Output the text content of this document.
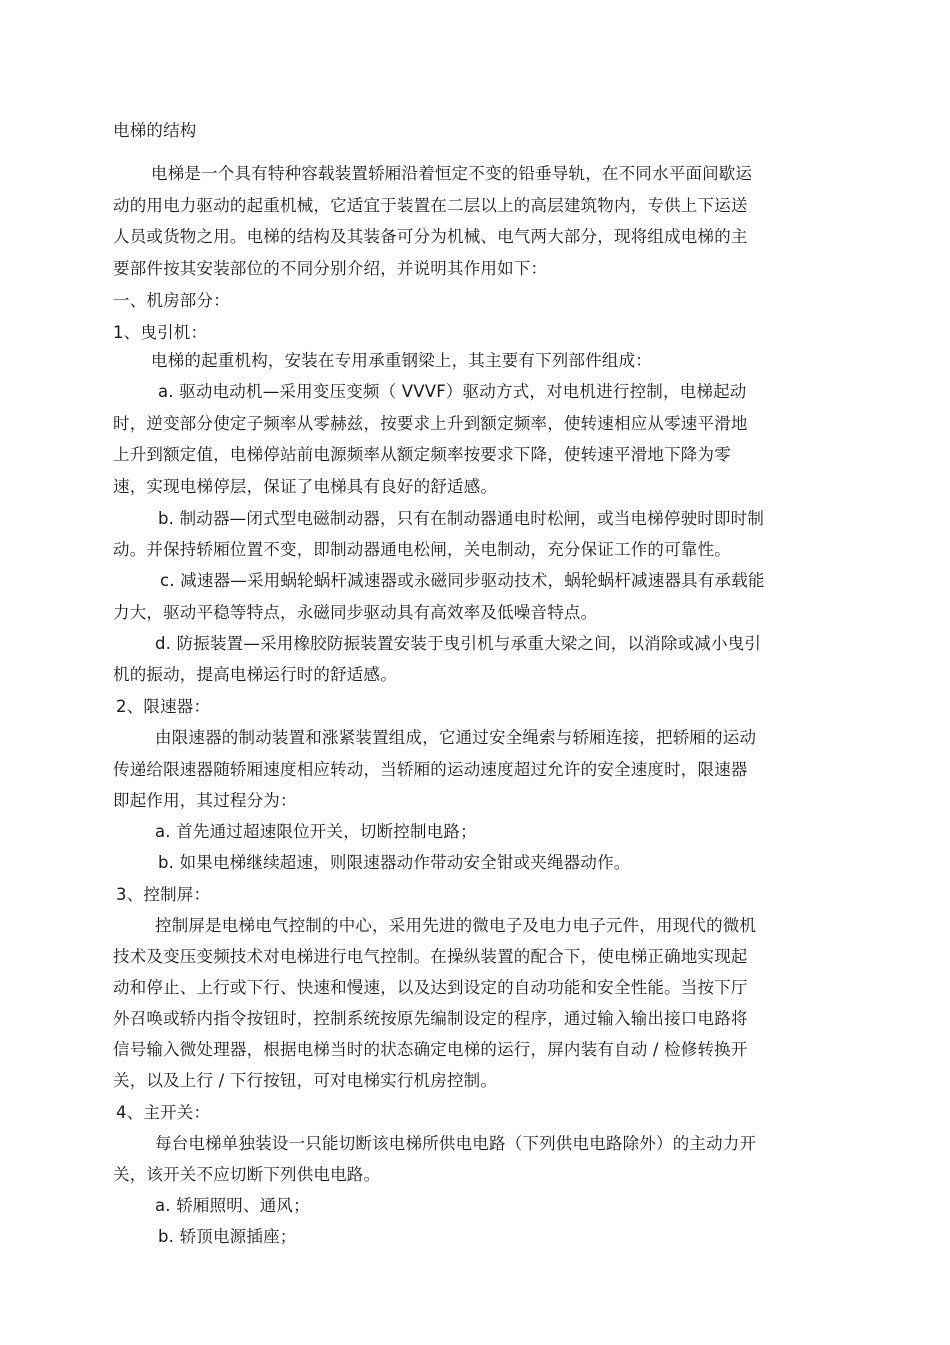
电梯的结构
电梯是一个具有特种容载装置轿厢沿着恒定不变的铅垂导轨，在不同水平面间歇运
动的用电力驱动的起重机械，它适宜于装置在二层以上的高层建筑物内，专供上下运送
人员或货物之用。电梯的结构及其装备可分为机械、电气两大部分，现将组成电梯的主
要部件按其安装部位的不同分别介绍，并说明其作用如下：
一、机房部分：
1、曳引机：
电梯的起重机构，安装在专用承重钢梁上，其主要有下列部件组成：
a. 驱动电动机—采用变压变频（ VVVF）驱动方式，对电机进行控制，电梯起动
时，逆变部分使定子频率从零赫兹，按要求上升到额定频率，使转速相应从零速平滑地
上升到额定值，电梯停站前电源频率从额定频率按要求下降，使转速平滑地下降为零
速，实现电梯停层，保证了电梯具有良好的舒适感。
b. 制动器—闭式型电磁制动器，只有在制动器通电时松闸，或当电梯停驶时即时制
动。并保持轿厢位置不变，即制动器通电松闸，关电制动，充分保证工作的可靠性。
c. 减速器—采用蜗轮蜗杆减速器或永磁同步驱动技术，蜗轮蜗杆减速器具有承载能
力大，驱动平稳等特点，永磁同步驱动具有高效率及低噪音特点。
d. 防振装置—采用橡胶防振装置安装于曳引机与承重大梁之间，以消除或减小曳引
机的振动，提高电梯运行时的舒适感。
2、限速器：
由限速器的制动装置和涨紧装置组成，它通过安全绳索与轿厢连接，把轿厢的运动
传递给限速器随轿厢速度相应转动，当轿厢的运动速度超过允许的安全速度时，限速器
即起作用，其过程分为：
a. 首先通过超速限位开关，切断控制电路；
b. 如果电梯继续超速，则限速器动作带动安全钳或夹绳器动作。
3、控制屏：
控制屏是电梯电气控制的中心，采用先进的微电子及电力电子元件，用现代的微机
技术及变压变频技术对电梯进行电气控制。在操纵装置的配合下，使电梯正确地实现起
动和停止、上行或下行、快速和慢速，以及达到设定的自动功能和安全性能。当按下厅
外召唤或轿内指令按钮时，控制系统按原先编制设定的程序，通过输入输出接口电路将
信号输入微处理器，根据电梯当时的状态确定电梯的运行，屏内装有自动 / 检修转换开
关，以及上行 / 下行按钮，可对电梯实行机房控制。
4、主开关：
每台电梯单独装设一只能切断该电梯所供电电路（下列供电电路除外）的主动力开
关，该开关不应切断下列供电电路。
a. 轿厢照明、通风；
b. 轿顶电源插座；
